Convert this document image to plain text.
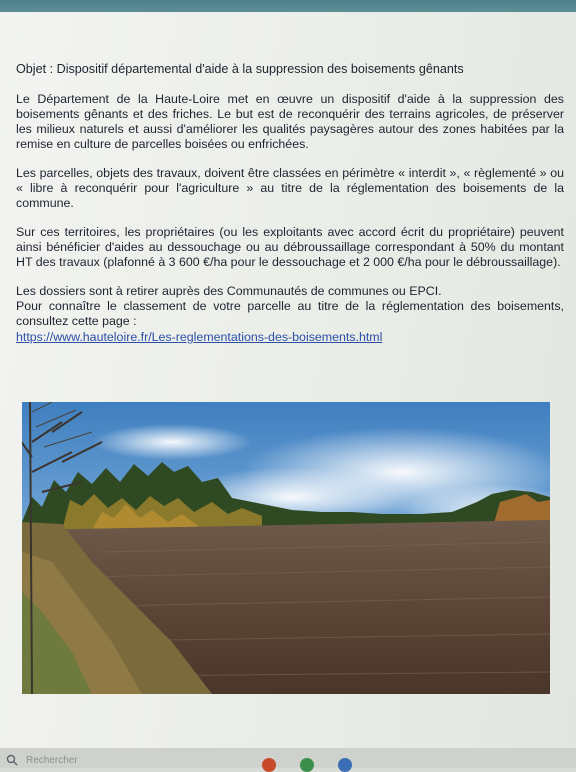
Objet : Dispositif départemental d'aide à la suppression des boisements gênants

Le Département de la Haute-Loire met en œuvre un dispositif d'aide à la suppression des boisements gênants et des friches. Le but est de reconquérir des terrains agricoles, de préserver les milieux naturels et aussi d'améliorer les qualités paysagères autour des zones habitées par la remise en culture de parcelles boisées ou enfrichées.

Les parcelles, objets des travaux, doivent être classées en périmètre « interdit », « règlementé » ou « libre à reconquérir pour l'agriculture » au titre de la réglementation des boisements de la commune.

Sur ces territoires, les propriétaires (ou les exploitants avec accord écrit du propriétaire) peuvent ainsi bénéficier d'aides au dessouchage ou au débroussaillage correspondant à 50% du montant HT des travaux (plafonné à 3 600 €/ha pour le dessouchage et 2 000 €/ha pour le débroussaillage).

Les dossiers sont à retirer auprès des Communautés de communes ou EPCI.
Pour connaître le classement de votre parcelle au titre de la réglementation des boisements, consultez cette page :
https://www.hauteloire.fr/Les-reglementations-des-boisements.html
Rechercher
